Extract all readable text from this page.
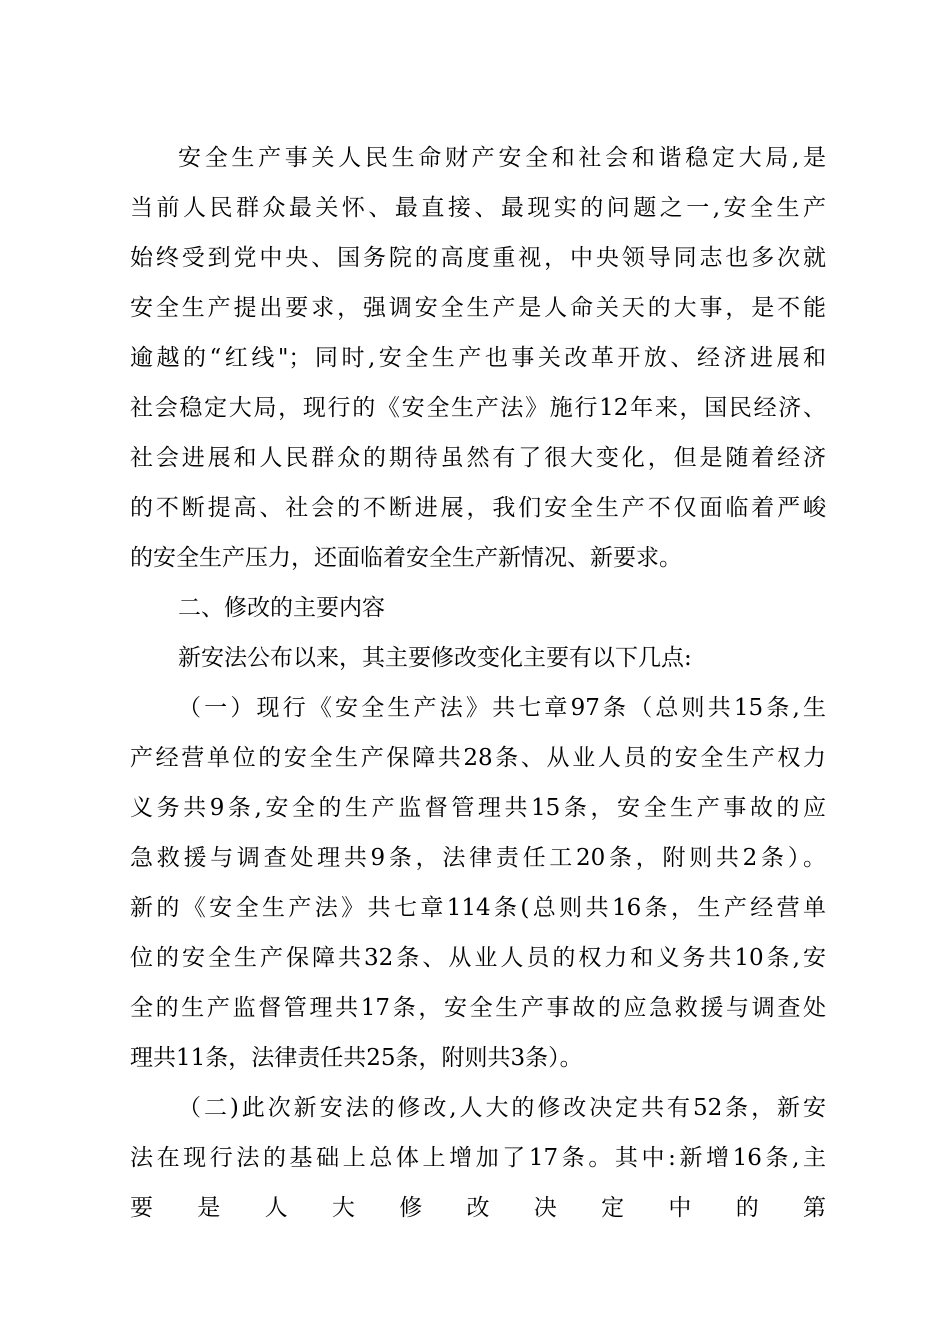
安全生产事关人民生命财产安全和社会和谐稳定大局,是
当前人民群众最关怀、最直接、最现实的问题之一,安全生产
始终受到党中央、国务院的高度重视，中央领导同志也多次就
安全生产提出要求，强调安全生产是人命关天的大事，是不能
逾越的“红线"；同时,安全生产也事关改革开放、经济进展和
社会稳定大局，现行的《安全生产法》施行12年来，国民经济、
社会进展和人民群众的期待虽然有了很大变化，但是随着经济
的不断提高、社会的不断进展，我们安全生产不仅面临着严峻
的安全生产压力，还面临着安全生产新情况、新要求。
二、修改的主要内容
新安法公布以来，其主要修改变化主要有以下几点:
（一）现行《安全生产法》共七章97条（总则共15条,生
产经营单位的安全生产保障共28条、从业人员的安全生产权力
义务共9条,安全的生产监督管理共15条，安全生产事故的应
急救援与调查处理共9条，法律责任工20条，附则共2条）。
新的《安全生产法》共七章114条(总则共16条，生产经营单
位的安全生产保障共32条、从业人员的权力和义务共10条,安
全的生产监督管理共17条，安全生产事故的应急救援与调查处
理共11条，法律责任共25条，附则共3条）。
（二)此次新安法的修改,人大的修改决定共有52条，新安
法在现行法的基础上总体上增加了17条。其中:新增16条,主
要是人大修改决定中的第
